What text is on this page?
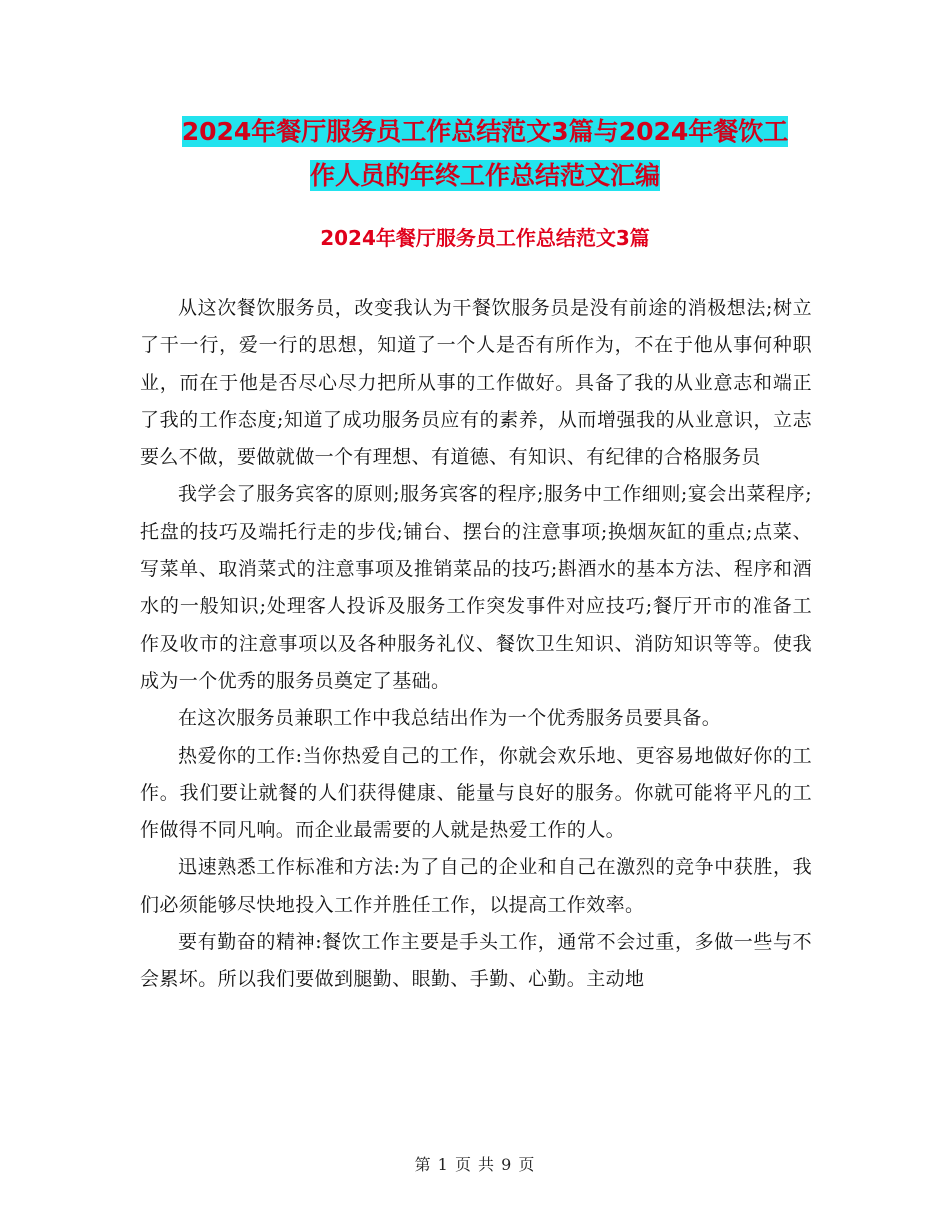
2024年餐厅服务员工作总结范文3篇与2024年餐饮工
作人员的年终工作总结范文汇编
2024年餐厅服务员工作总结范文3篇

从这次餐饮服务员，改变我认为干餐饮服务员是没有前途的消极想法;树立了干一行，爱一行的思想，知道了一个人是否有所作为，不在于他从事何种职业，而在于他是否尽心尽力把所从事的工作做好。具备了我的从业意志和端正了我的工作态度;知道了成功服务员应有的素养，从而增强我的从业意识，立志要么不做，要做就做一个有理想、有道德、有知识、有纪律的合格服务员

我学会了服务宾客的原则;服务宾客的程序;服务中工作细则;宴会出菜程序;托盘的技巧及端托行走的步伐;铺台、摆台的注意事项;换烟灰缸的重点;点菜、写菜单、取消菜式的注意事项及推销菜品的技巧;斟酒水的基本方法、程序和酒水的一般知识;处理客人投诉及服务工作突发事件对应技巧;餐厅开市的准备工作及收市的注意事项以及各种服务礼仪、餐饮卫生知识、消防知识等等。使我成为一个优秀的服务员奠定了基础。

在这次服务员兼职工作中我总结出作为一个优秀服务员要具备。

热爱你的工作:当你热爱自己的工作，你就会欢乐地、更容易地做好你的工作。我们要让就餐的人们获得健康、能量与良好的服务。你就可能将平凡的工作做得不同凡响。而企业最需要的人就是热爱工作的人。

迅速熟悉工作标准和方法:为了自己的企业和自己在激烈的竞争中获胜，我们必须能够尽快地投入工作并胜任工作，以提高工作效率。

要有勤奋的精神:餐饮工作主要是手头工作，通常不会过重，多做一些与不会累坏。所以我们要做到腿勤、眼勤、手勤、心勤。主动地

第 1 页 共 9 页
